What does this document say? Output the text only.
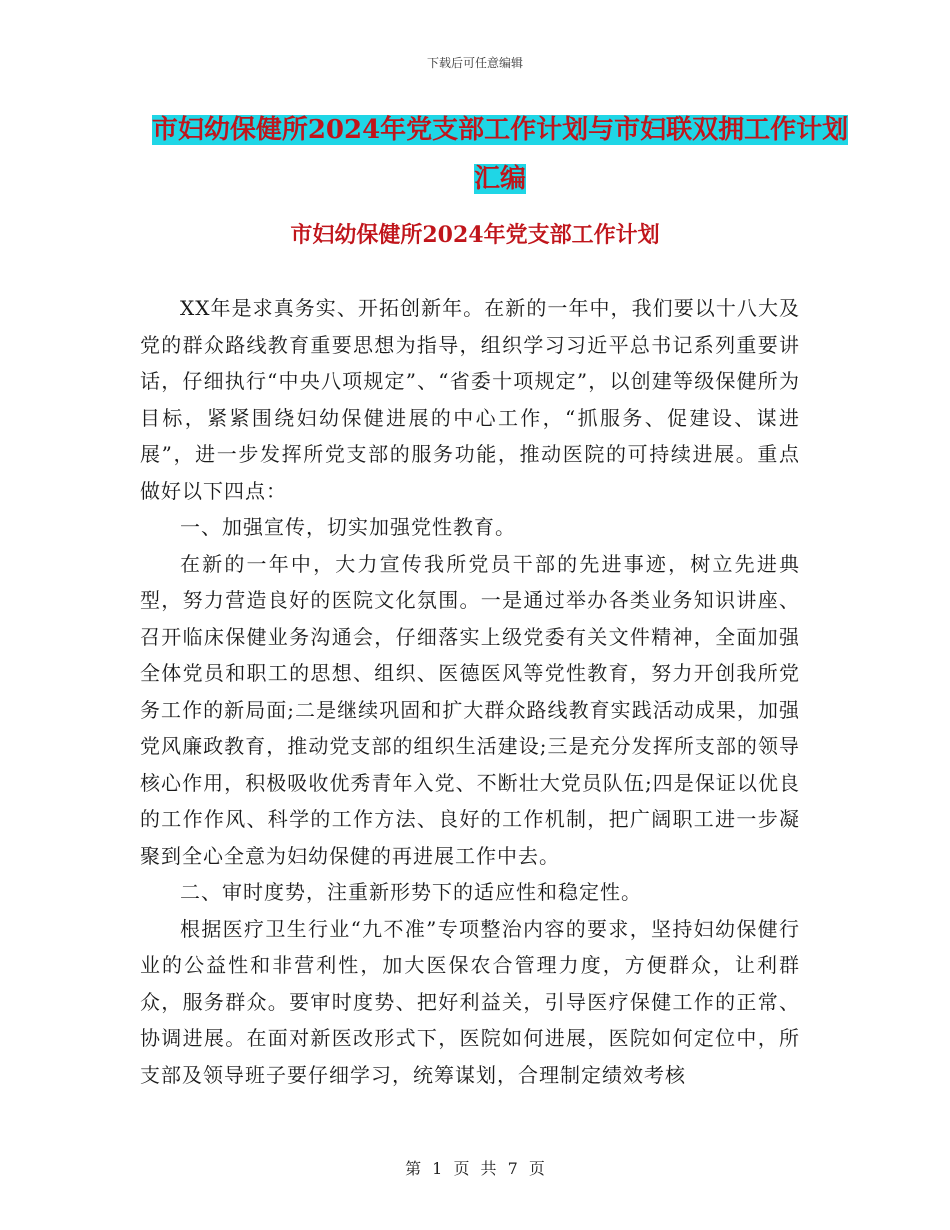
下载后可任意编辑
市妇幼保健所2024年党支部工作计划与市妇联双拥工作计划汇编
市妇幼保健所2024年党支部工作计划

XX年是求真务实、开拓创新年。在新的一年中，我们要以十八大及党的群众路线教育重要思想为指导，组织学习习近平总书记系列重要讲话，仔细执行“中央八项规定”、“省委十项规定”，以创建等级保健所为目标，紧紧围绕妇幼保健进展的中心工作，“抓服务、促建设、谋进展”，进一步发挥所党支部的服务功能，推动医院的可持续进展。重点做好以下四点：

一、加强宣传，切实加强党性教育。

在新的一年中，大力宣传我所党员干部的先进事迹，树立先进典型，努力营造良好的医院文化氛围。一是通过举办各类业务知识讲座、召开临床保健业务沟通会，仔细落实上级党委有关文件精神，全面加强全体党员和职工的思想、组织、医德医风等党性教育，努力开创我所党务工作的新局面;二是继续巩固和扩大群众路线教育实践活动成果，加强党风廉政教育，推动党支部的组织生活建设;三是充分发挥所支部的领导核心作用，积极吸收优秀青年入党、不断壮大党员队伍;四是保证以优良的工作作风、科学的工作方法、良好的工作机制，把广阔职工进一步凝聚到全心全意为妇幼保健的再进展工作中去。

二、审时度势，注重新形势下的适应性和稳定性。

根据医疗卫生行业“九不准”专项整治内容的要求，坚持妇幼保健行业的公益性和非营利性，加大医保农合管理力度，方便群众，让利群众，服务群众。要审时度势、把好利益关，引导医疗保健工作的正常、协调进展。在面对新医改形式下，医院如何进展，医院如何定位中，所支部及领导班子要仔细学习，统筹谋划，合理制定绩效考核

第 1 页 共 7 页
